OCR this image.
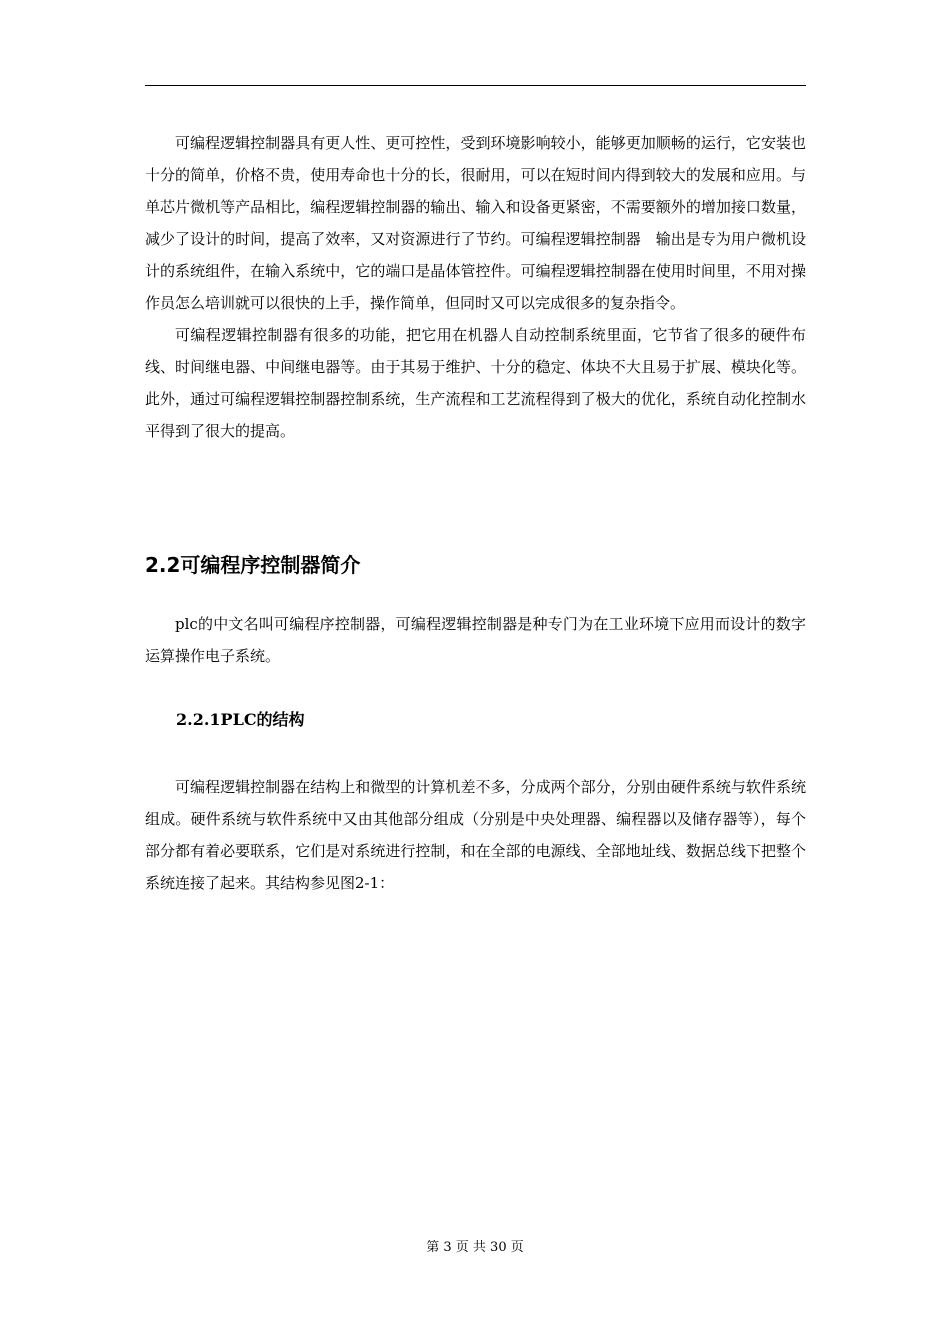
可编程逻辑控制器具有更人性、更可控性，受到环境影响较小，能够更加顺畅的运行，它安装也十分的简单，价格不贵，使用寿命也十分的长，很耐用，可以在短时间内得到较大的发展和应用。与单芯片微机等产品相比，编程逻辑控制器的输出、输入和设备更紧密，不需要额外的增加接口数量，减少了设计的时间，提高了效率，又对资源进行了节约。可编程逻辑控制器　输出是专为用户微机设计的系统组件，在输入系统中，它的端口是晶体管控件。可编程逻辑控制器在使用时间里，不用对操作员怎么培训就可以很快的上手，操作简单，但同时又可以完成很多的复杂指令。

可编程逻辑控制器有很多的功能，把它用在机器人自动控制系统里面，它节省了很多的硬件布线、时间继电器、中间继电器等。由于其易于维护、十分的稳定、体块不大且易于扩展、模块化等。此外，通过可编程逻辑控制器控制系统，生产流程和工艺流程得到了极大的优化，系统自动化控制水平得到了很大的提高。

2.2可编程序控制器简介

plc的中文名叫可编程序控制器，可编程逻辑控制器是种专门为在工业环境下应用而设计的数字运算操作电子系统。

2.2.1PLC的结构

可编程逻辑控制器在结构上和微型的计算机差不多，分成两个部分，分别由硬件系统与软件系统组成。硬件系统与软件系统中又由其他部分组成（分别是中央处理器、编程器以及储存器等），每个部分都有着必要联系，它们是对系统进行控制，和在全部的电源线、全部地址线、数据总线下把整个系统连接了起来。其结构参见图2-1：

第 3 页 共 30 页
